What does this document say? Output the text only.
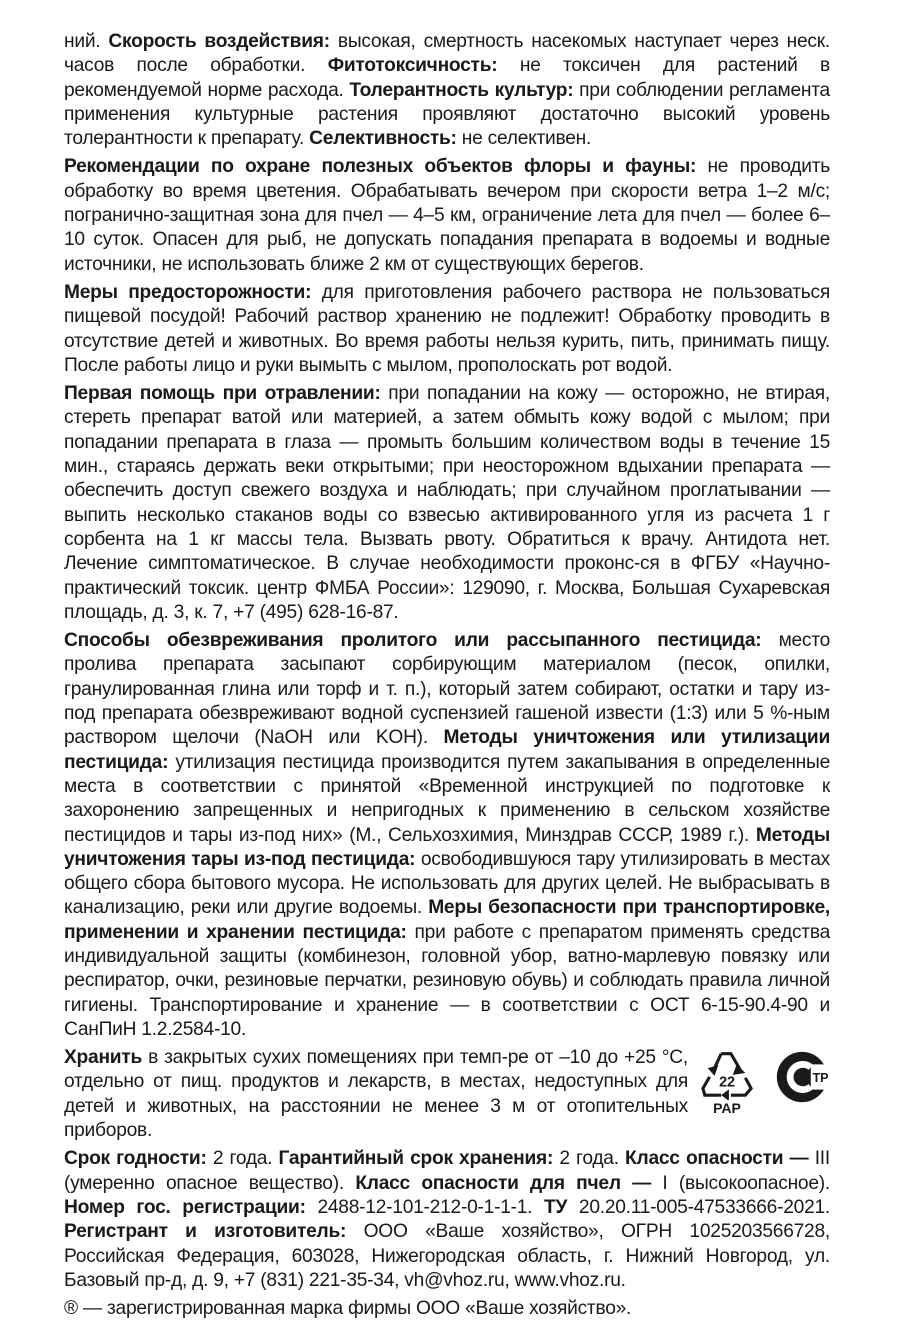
ний. Скорость воздействия: высокая, смертность насекомых наступает через неск. часов после обработки. Фитотоксичность: не токсичен для растений в рекомендуемой норме расхода. Толерантность культур: при соблюдении регламента применения культурные растения проявляют достаточно высокий уровень толерантности к препарату. Селективность: не селективен.

Рекомендации по охране полезных объектов флоры и фауны: не проводить обработку во время цветения. Обрабатывать вечером при скорости ветра 1–2 м/с; погранично-защитная зона для пчел — 4–5 км, ограничение лета для пчел — более 6–10 суток. Опасен для рыб, не допускать попадания препарата в водоемы и водные источники, не использовать ближе 2 км от существующих берегов.

Меры предосторожности: для приготовления рабочего раствора не пользоваться пищевой посудой! Рабочий раствор хранению не подлежит! Обработку проводить в отсутствие детей и животных. Во время работы нельзя курить, пить, принимать пищу. После работы лицо и руки вымыть с мылом, прополоскать рот водой.

Первая помощь при отравлении: при попадании на кожу — осторожно, не втирая, стереть препарат ватой или материей, а затем обмыть кожу водой с мылом; при попадании препарата в глаза — промыть большим количеством воды в течение 15 мин., стараясь держать веки открытыми; при неосторожном вдыхании препарата — обеспечить доступ свежего воздуха и наблюдать; при случайном проглатывании — выпить несколько стаканов воды со взвесью активированного угля из расчета 1 г сорбента на 1 кг массы тела. Вызвать рвоту. Обратиться к врачу. Антидота нет. Лечение симптоматическое. В случае необходимости проконс-ся в ФГБУ «Научно-практический токсик. центр ФМБА России»: 129090, г. Москва, Большая Сухаревская площадь, д. 3, к. 7, +7 (495) 628-16-87.

Способы обезвреживания пролитого или рассыпанного пестицида: место пролива препарата засыпают сорбирующим материалом (песок, опилки, гранулированная глина или торф и т. п.), который затем собирают, остатки и тару из-под препарата обезвреживают водной суспензией гашеной извести (1:3) или 5 %-ным раствором щелочи (NaOH или KOH). Методы уничтожения или утилизации пестицида: утилизация пестицида производится путем закапывания в определенные места в соответствии с принятой «Временной инструкцией по подготовке к захоронению запрещенных и непригодных к применению в сельском хозяйстве пестицидов и тары из-под них» (М., Сельхозхимия, Минздрав СССР, 1989 г.). Методы уничтожения тары из-под пестицида: освободившуюся тару утилизировать в местах общего сбора бытового мусора. Не использовать для других целей. Не выбрасывать в канализацию, реки или другие водоемы. Меры безопасности при транспортировке, применении и хранении пестицида: при работе с препаратом применять средства индивидуальной защиты (комбинезон, головной убор, ватно-марлевую повязку или респиратор, очки, резиновые перчатки, резиновую обувь) и соблюдать правила личной гигиены. Транспортирование и хранение — в соответствии с ОСТ 6-15-90.4-90 и СанПиН 1.2.2584-10.

Хранить в закрытых сухих помещениях при темп-ре от –10 до +25 °С, отдельно от пищ. продуктов и лекарств, в местах, недоступных для детей и животных, на расстоянии не менее 3 м от отопительных приборов.

22
PAP
ТР

Срок годности: 2 года. Гарантийный срок хранения: 2 года. Класс опасности — III (умеренно опасное вещество). Класс опасности для пчел — I (высокоопасное). Номер гос. регистрации: 2488-12-101-212-0-1-1-1. ТУ 20.20.11-005-47533666-2021. Регистрант и изготовитель: ООО «Ваше хозяйство», ОГРН 1025203566728, Российская Федерация, 603028, Нижегородская область, г. Нижний Новгород, ул. Базовый пр-д, д. 9, +7 (831) 221-35-34, vh@vhoz.ru, www.vhoz.ru.

® — зарегистрированная марка фирмы ООО «Ваше хозяйство».
